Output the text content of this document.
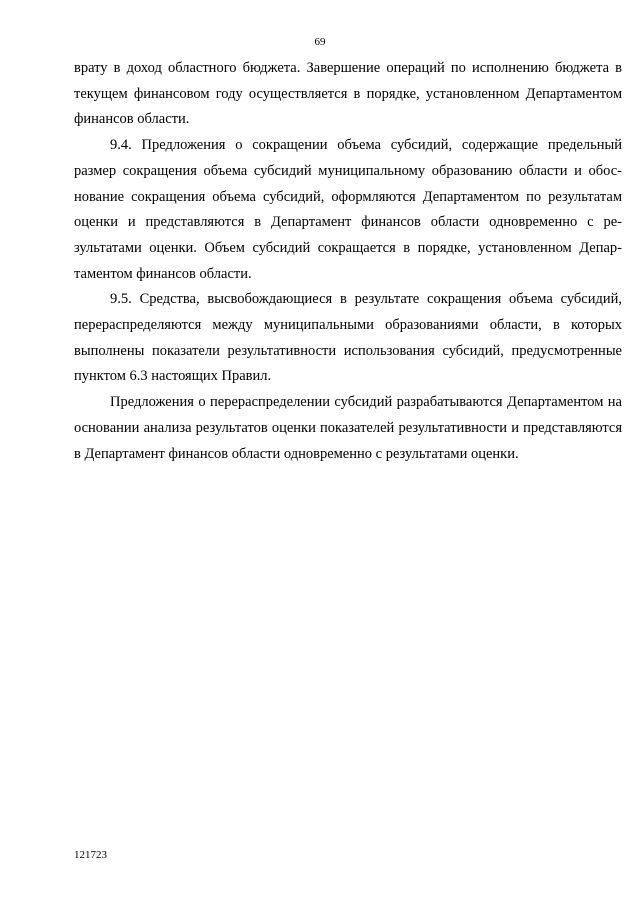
69

врату в доход областного бюджета. Завершение операций по исполнению бюджета в текущем финансовом году осуществляется в порядке, установленном Департаментом финансов области.

9.4. Предложения о сокращении объема субсидий, содержащие предельный размер сокращения объема субсидий муниципальному образованию области и обоснование сокращения объема субсидий, оформляются Департаментом по результатам оценки и представляются в Департамент финансов области одновременно с результатами оценки. Объем субсидий сокращается в порядке, установленном Департаментом финансов области.

9.5. Средства, высвобождающиеся в результате сокращения объема субсидий, перераспределяются между муниципальными образованиями области, в которых выполнены показатели результативности использования субсидий, предусмотренные пунктом 6.3 настоящих Правил.

Предложения о перераспределении субсидий разрабатываются Департаментом на основании анализа результатов оценки показателей результативности и представляются в Департамент финансов области одновременно с результатами оценки.

121723
